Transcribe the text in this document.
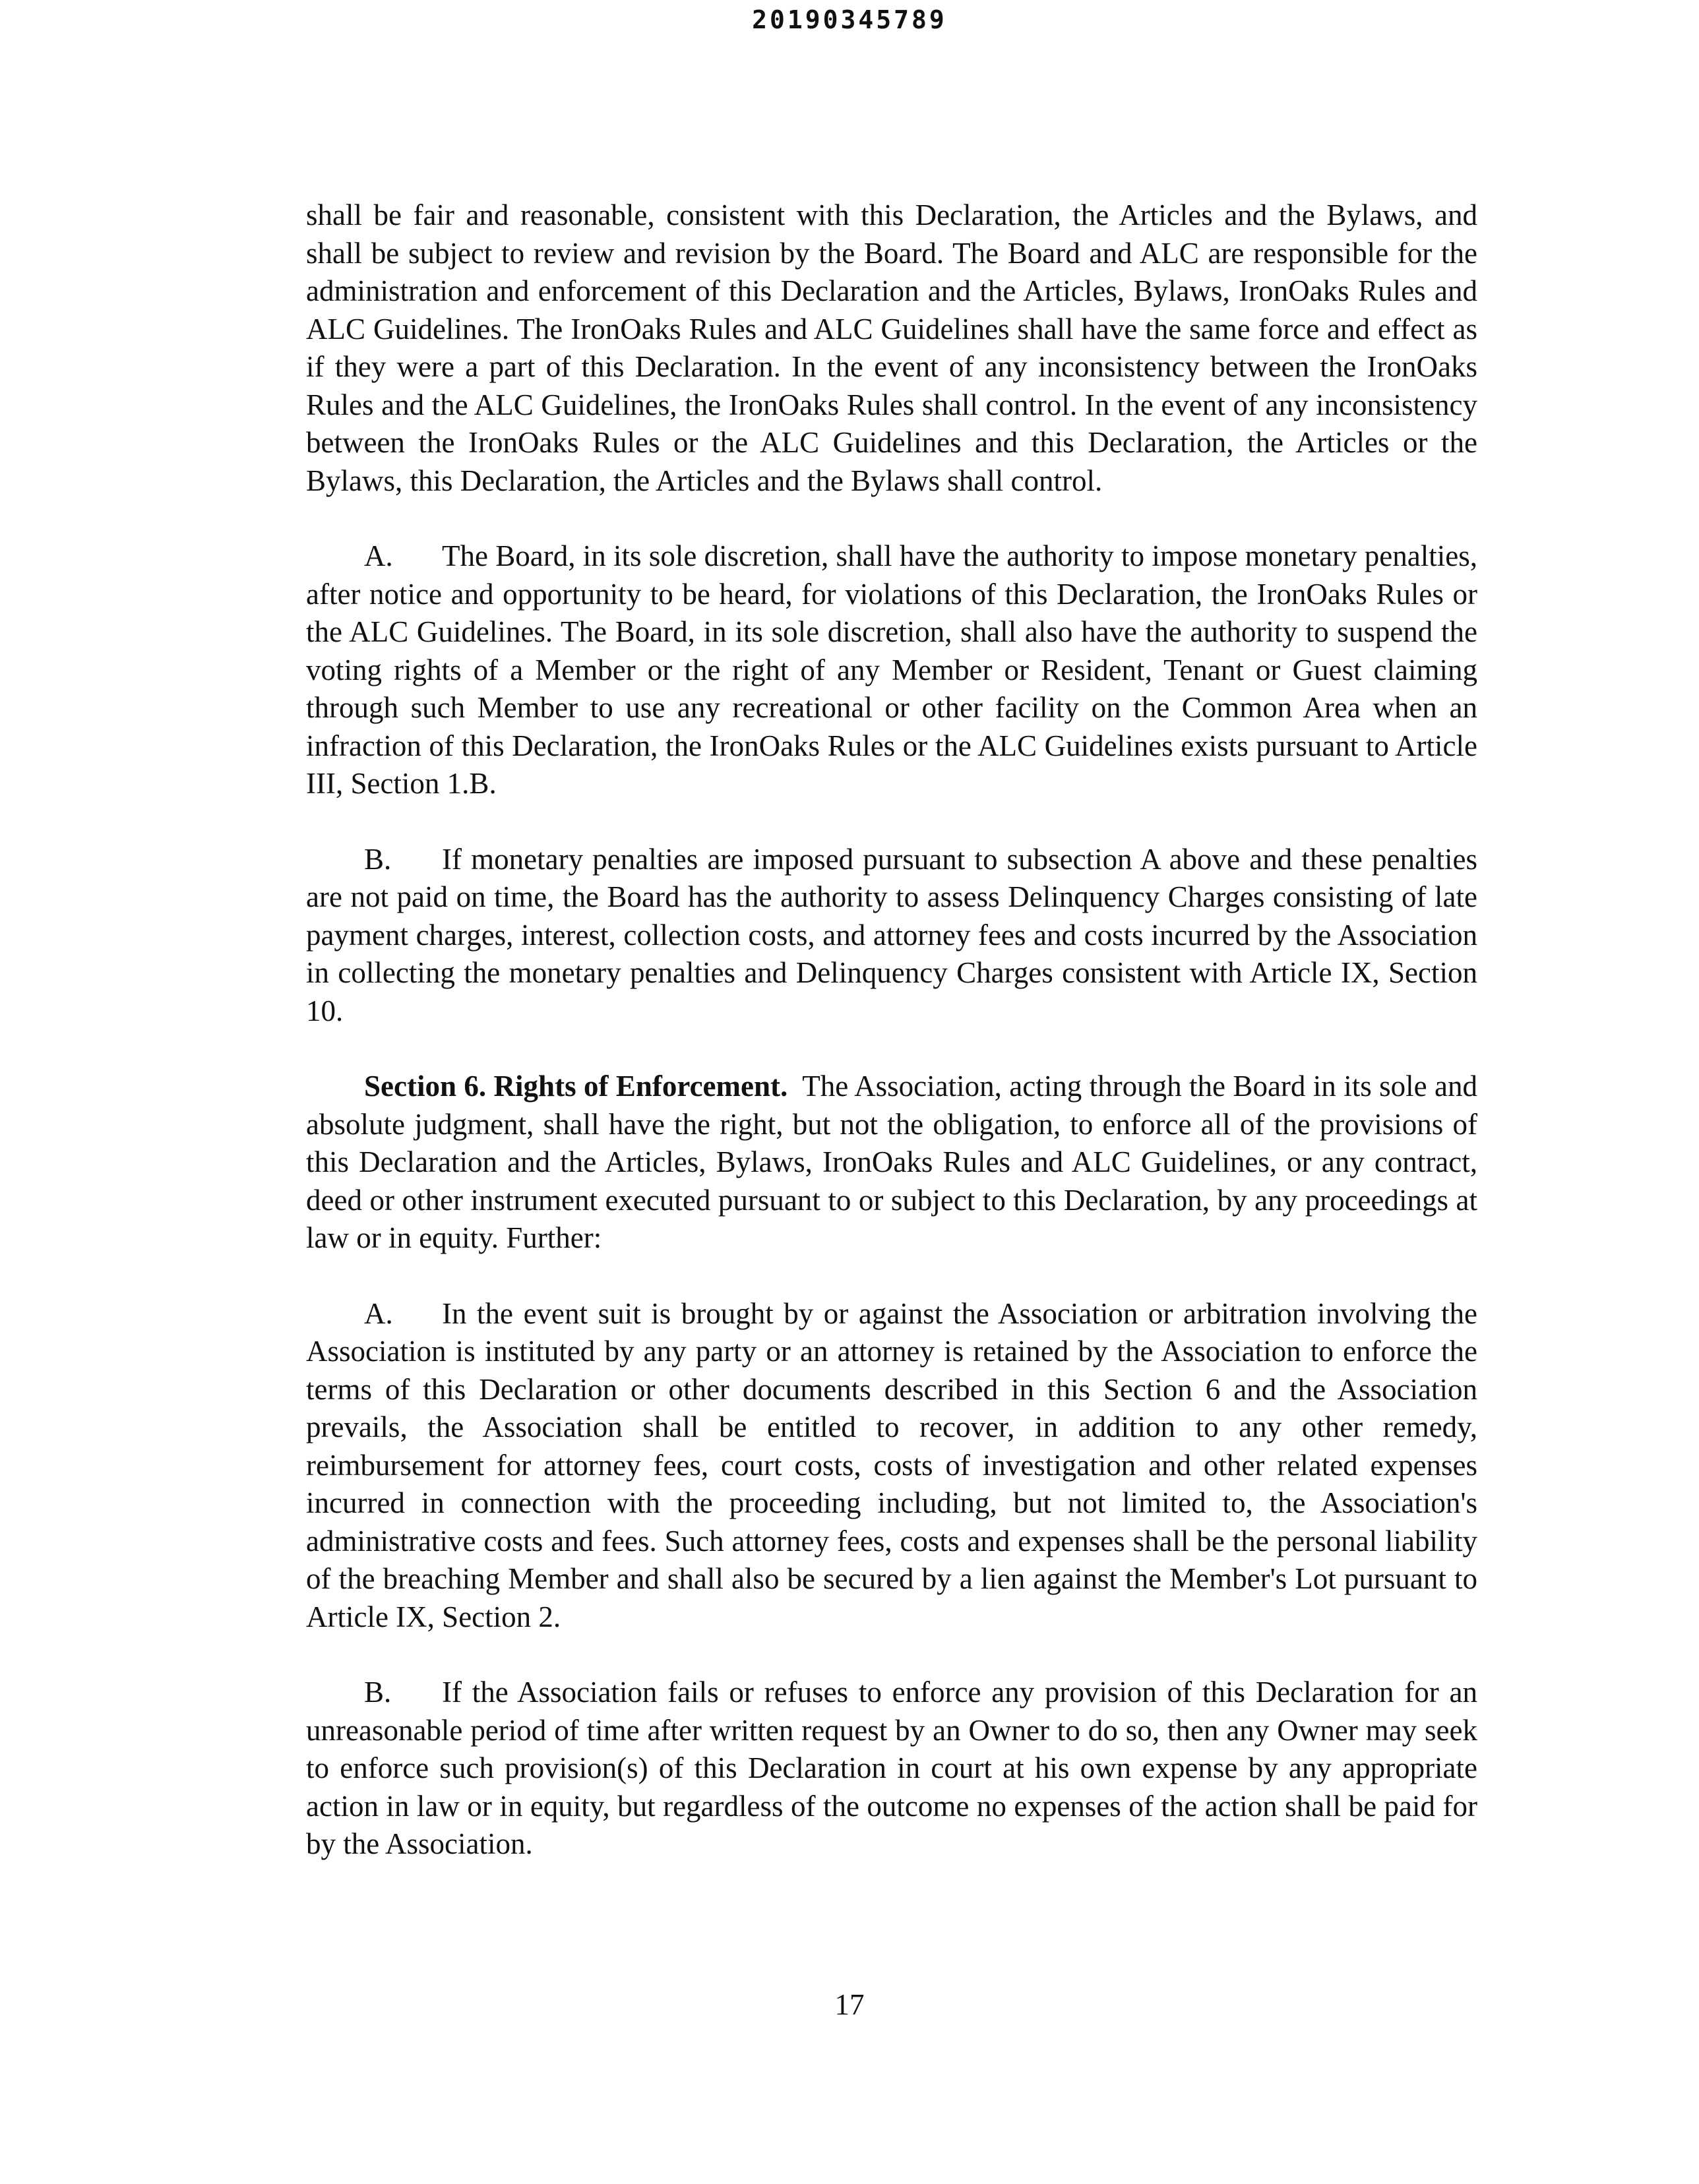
20190345789

shall be fair and reasonable, consistent with this Declaration, the Articles and the Bylaws, and shall be subject to review and revision by the Board. The Board and ALC are responsible for the administration and enforcement of this Declaration and the Articles, Bylaws, IronOaks Rules and ALC Guidelines. The IronOaks Rules and ALC Guidelines shall have the same force and effect as if they were a part of this Declaration. In the event of any inconsistency between the IronOaks Rules and the ALC Guidelines, the IronOaks Rules shall control. In the event of any inconsistency between the IronOaks Rules or the ALC Guidelines and this Declaration, the Articles or the Bylaws, this Declaration, the Articles and the Bylaws shall control.

A. The Board, in its sole discretion, shall have the authority to impose monetary penalties, after notice and opportunity to be heard, for violations of this Declaration, the IronOaks Rules or the ALC Guidelines. The Board, in its sole discretion, shall also have the authority to suspend the voting rights of a Member or the right of any Member or Resident, Tenant or Guest claiming through such Member to use any recreational or other facility on the Common Area when an infraction of this Declaration, the IronOaks Rules or the ALC Guidelines exists pursuant to Article III, Section 1.B.

B. If monetary penalties are imposed pursuant to subsection A above and these penalties are not paid on time, the Board has the authority to assess Delinquency Charges consisting of late payment charges, interest, collection costs, and attorney fees and costs incurred by the Association in collecting the monetary penalties and Delinquency Charges consistent with Article IX, Section 10.

Section 6. Rights of Enforcement. The Association, acting through the Board in its sole and absolute judgment, shall have the right, but not the obligation, to enforce all of the provisions of this Declaration and the Articles, Bylaws, IronOaks Rules and ALC Guidelines, or any contract, deed or other instrument executed pursuant to or subject to this Declaration, by any proceedings at law or in equity. Further:

A. In the event suit is brought by or against the Association or arbitration involving the Association is instituted by any party or an attorney is retained by the Association to enforce the terms of this Declaration or other documents described in this Section 6 and the Association prevails, the Association shall be entitled to recover, in addition to any other remedy, reimbursement for attorney fees, court costs, costs of investigation and other related expenses incurred in connection with the proceeding including, but not limited to, the Association's administrative costs and fees. Such attorney fees, costs and expenses shall be the personal liability of the breaching Member and shall also be secured by a lien against the Member's Lot pursuant to Article IX, Section 2.

B. If the Association fails or refuses to enforce any provision of this Declaration for an unreasonable period of time after written request by an Owner to do so, then any Owner may seek to enforce such provision(s) of this Declaration in court at his own expense by any appropriate action in law or in equity, but regardless of the outcome no expenses of the action shall be paid for by the Association.

17
